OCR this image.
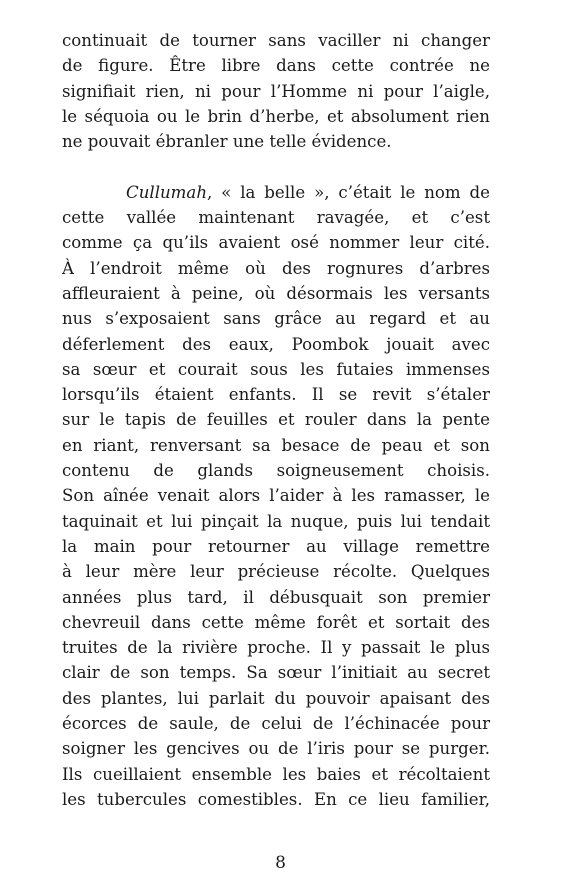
continuait de tourner sans vaciller ni changer
de figure. Être libre dans cette contrée ne
signifiait rien, ni pour l’Homme ni pour l’aigle,
le séquoia ou le brin d’herbe, et absolument rien
ne pouvait ébranler une telle évidence.
Cullumah, « la belle », c’était le nom de
cette vallée maintenant ravagée, et c’est
comme ça qu’ils avaient osé nommer leur cité.
À l’endroit même où des rognures d’arbres
affleuraient à peine, où désormais les versants
nus s’exposaient sans grâce au regard et au
déferlement des eaux, Poombok jouait avec
sa sœur et courait sous les futaies immenses
lorsqu’ils étaient enfants. Il se revit s’étaler
sur le tapis de feuilles et rouler dans la pente
en riant, renversant sa besace de peau et son
contenu de glands soigneusement choisis.
Son aînée venait alors l’aider à les ramasser, le
taquinait et lui pinçait la nuque, puis lui tendait
la main pour retourner au village remettre
à leur mère leur précieuse récolte. Quelques
années plus tard, il débusquait son premier
chevreuil dans cette même forêt et sortait des
truites de la rivière proche. Il y passait le plus
clair de son temps. Sa sœur l’initiait au secret
des plantes, lui parlait du pouvoir apaisant des
écorces de saule, de celui de l’échinacée pour
soigner les gencives ou de l’iris pour se purger.
Ils cueillaient ensemble les baies et récoltaient
les tubercules comestibles. En ce lieu familier,
8
